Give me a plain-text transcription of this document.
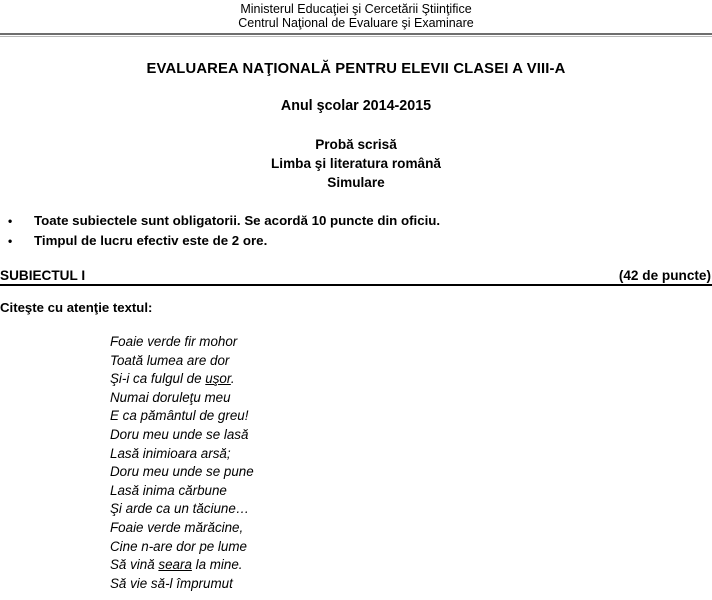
Ministerul Educaţiei şi Cercetării Ştiinţifice
Centrul Naţional de Evaluare şi Examinare
EVALUAREA NAŢIONALĂ PENTRU ELEVII CLASEI A VIII-A
Anul şcolar 2014-2015
Probă scrisă
Limba şi literatura română
Simulare
•	Toate subiectele sunt obligatorii. Se acordă 10 puncte din oficiu.
•	Timpul de lucru efectiv este de 2 ore.
SUBIECTUL I	(42 de puncte)
Citeşte cu atenţie textul:
Foaie verde fir mohor
Toată lumea are dor
Şi-i ca fulgul de uşor.
Numai doruleţu meu
E ca pământul de greu!
Doru meu unde se lasă
Lasă inimioara arsă;
Doru meu unde se pune
Lasă inima cărbune
Şi arde ca un tăciune…
Foaie verde mărăcine,
Cine n-are dor pe lume
Să vină seara la mine.
Să vie să-l împrumut
